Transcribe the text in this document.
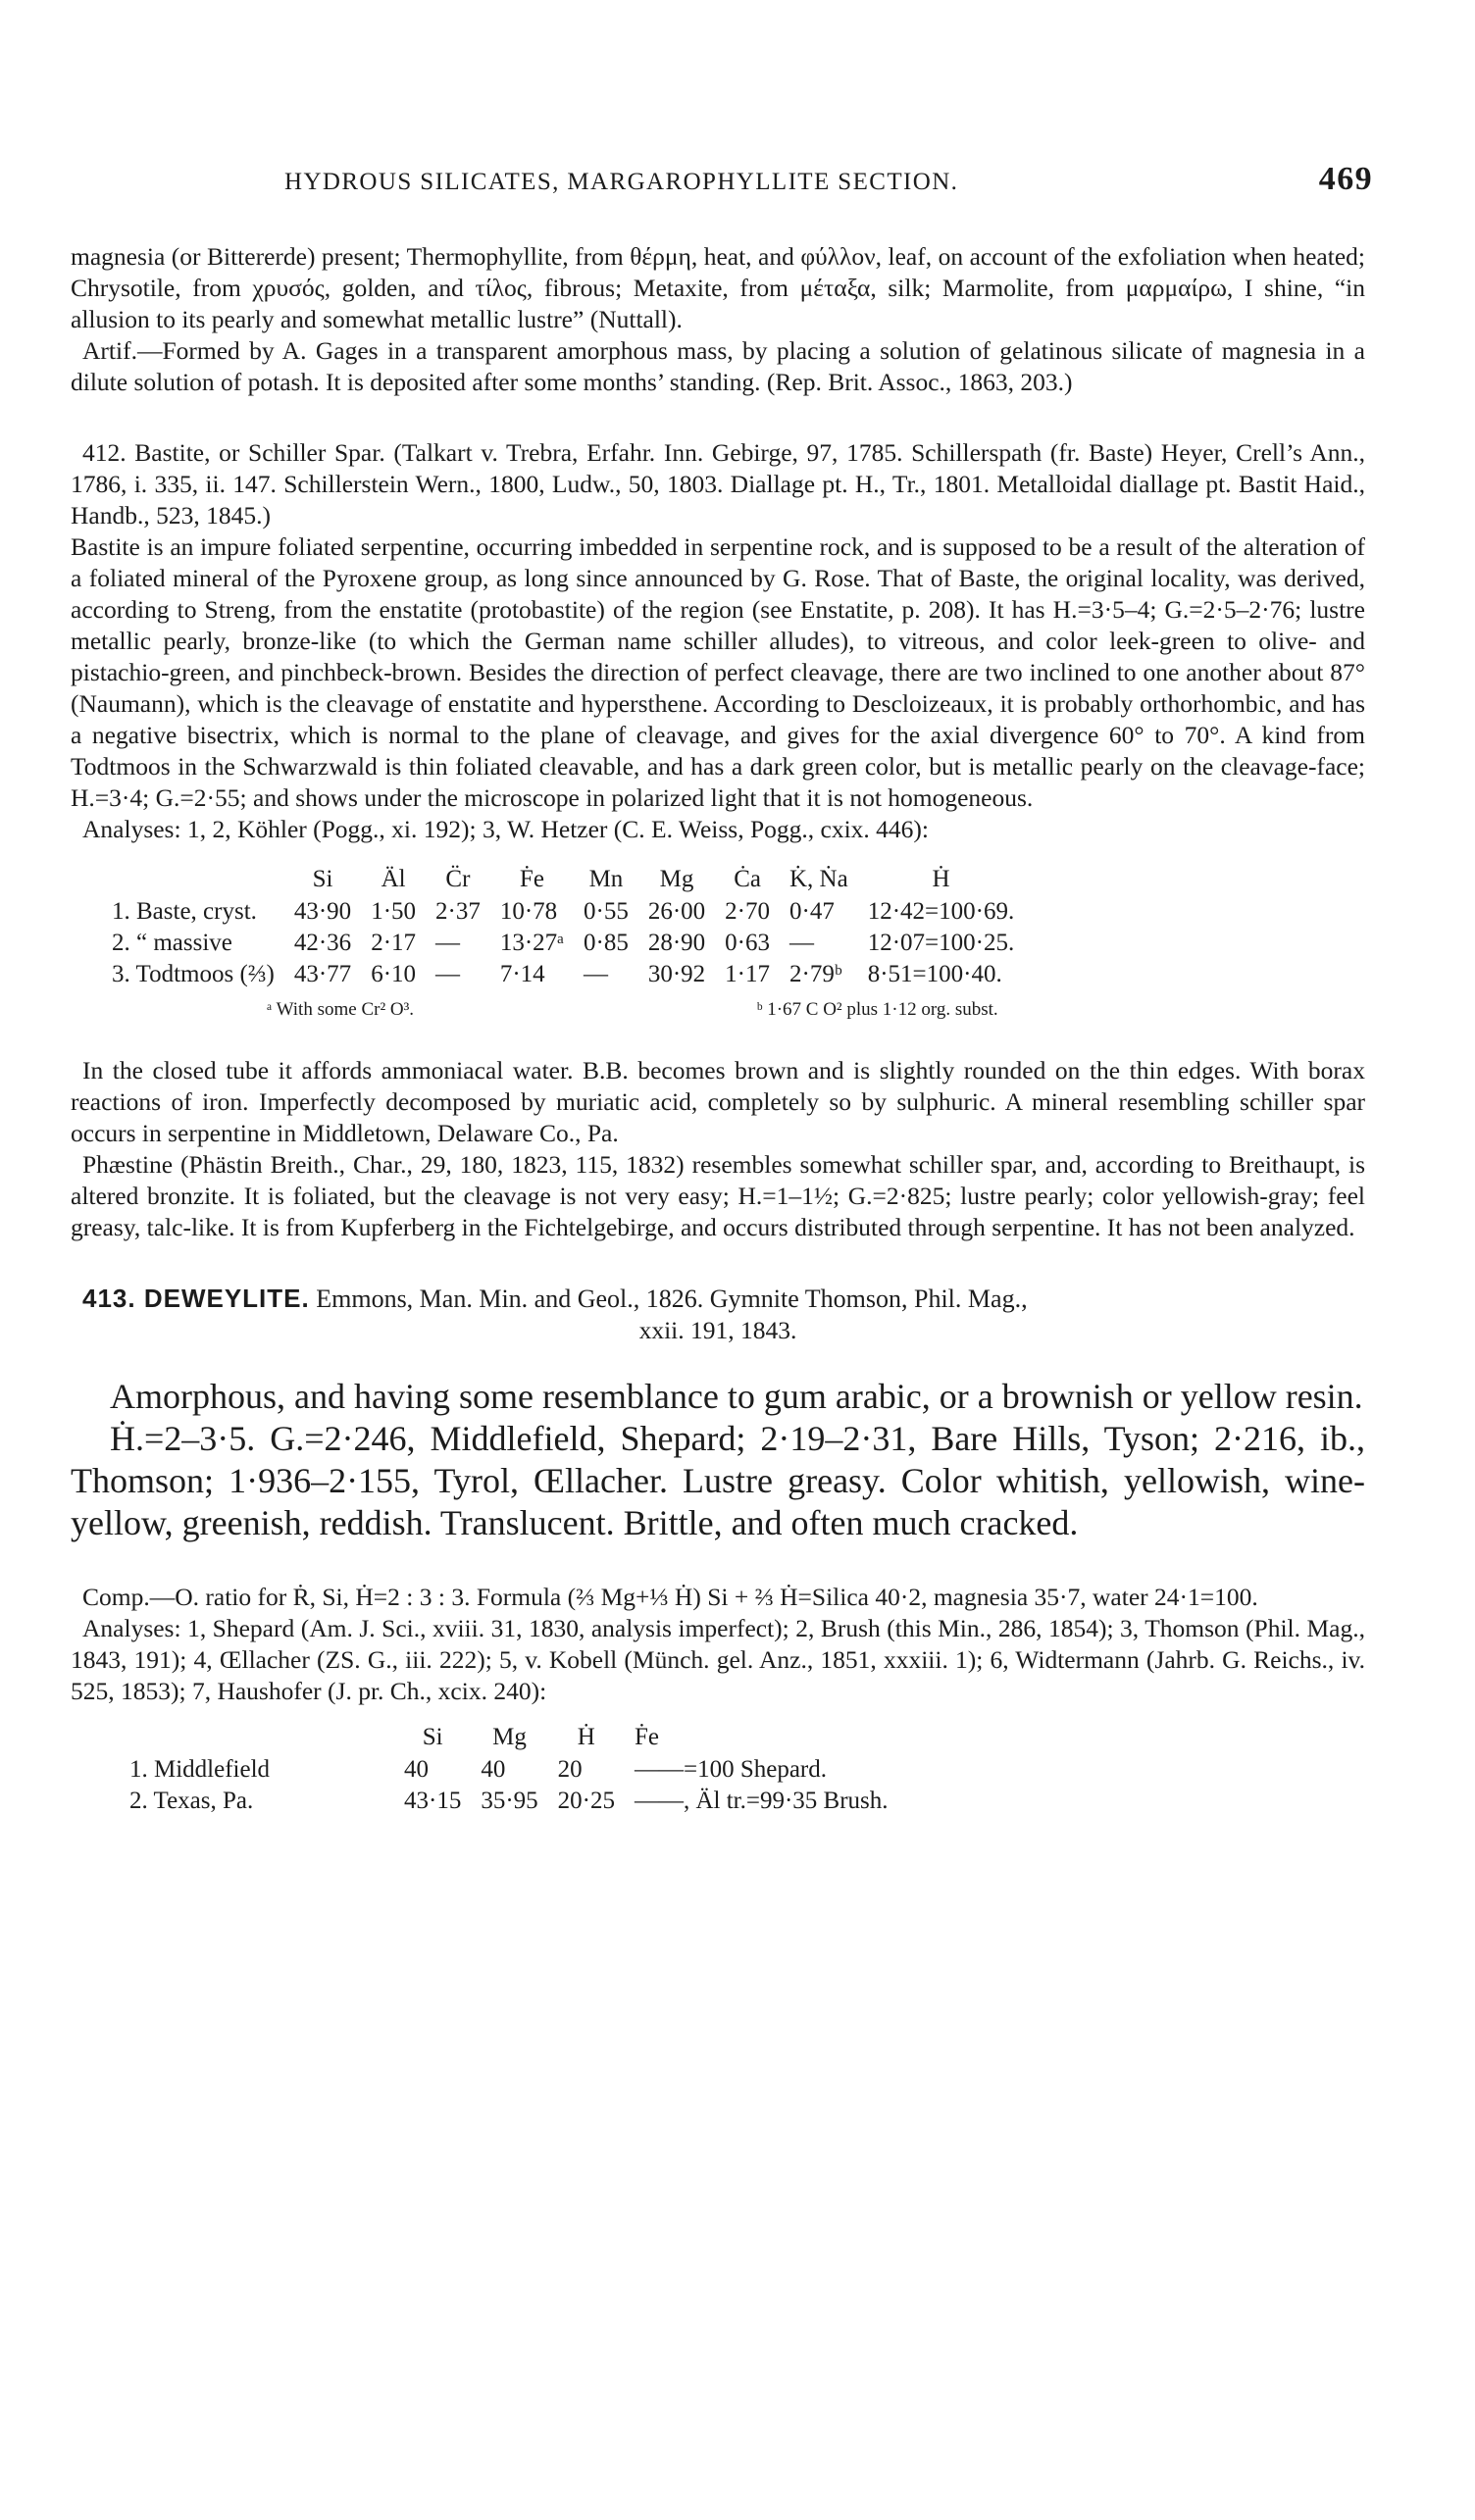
HYDROUS SILICATES, MARGAROPHYLLITE SECTION.	469

magnesia (or Bittererde) present; Thermophyllite, from θέρμη, heat, and φύλλον, leaf, on account of the exfoliation when heated; Chrysotile, from χρυσός, golden, and τίλος, fibrous; Metaxite, from μέταξα, silk; Marmolite, from μαρμαίρω, I shine, “in allusion to its pearly and somewhat metallic lustre” (Nuttall).

Artif.—Formed by A. Gages in a transparent amorphous mass, by placing a solution of gelatinous silicate of magnesia in a dilute solution of potash. It is deposited after some months’ standing. (Rep. Brit. Assoc., 1863, 203.)

412. Bastite, or Schiller Spar. (Talkart v. Trebra, Erfahr. Inn. Gebirge, 97, 1785. Schillerspath (fr. Baste) Heyer, Crell’s Ann., 1786, i. 335, ii. 147. Schillerstein Wern., 1800, Ludw., 50, 1803. Diallage pt. H., Tr., 1801. Metalloidal diallage pt. Bastit Haid., Handb., 523, 1845.)

Bastite is an impure foliated serpentine, occurring imbedded in serpentine rock, and is supposed to be a result of the alteration of a foliated mineral of the Pyroxene group, as long since announced by G. Rose. That of Baste, the original locality, was derived, according to Streng, from the enstatite (protobastite) of the region (see Enstatite, p. 208). It has H.=3·5–4; G.=2·5–2·76; lustre metallic pearly, bronze-like (to which the German name schiller alludes), to vitreous, and color leek-green to olive- and pistachio-green, and pinchbeck-brown. Besides the direction of perfect cleavage, there are two inclined to one another about 87° (Naumann), which is the cleavage of enstatite and hypersthene. According to Descloizeaux, it is probably orthorhombic, and has a negative bisectrix, which is normal to the plane of cleavage, and gives for the axial divergence 60° to 70°. A kind from Todtmoos in the Schwarzwald is thin foliated cleavable, and has a dark green color, but is metallic pearly on the cleavage-face; H.=3·4; G.=2·55; and shows under the microscope in polarized light that it is not homogeneous.

Analyses: 1, 2, Köhler (Pogg., xi. 192); 3, W. Hetzer (C. E. Weiss, Pogg., cxix. 446):

	Si	Äl	C̈r	Ḟe	Mn	Mg	Ċa	K̇, Ṅa	Ḣ
1. Baste, cryst.	43·90	1·50	2·37	10·78	0·55	26·00	2·70	0·47	12·42=100·69.
2. “ massive	42·36	2·17	—	13·27ᵃ	0·85	28·90	0·63	—	12·07=100·25.
3. Todtmoos (⅔)	43·77	6·10	—	7·14	—	30·92	1·17	2·79ᵇ	8·51=100·40.
ᵃ With some Cr² O³.	ᵇ 1·67 C O² plus 1·12 org. subst.

In the closed tube it affords ammoniacal water. B.B. becomes brown and is slightly rounded on the thin edges. With borax reactions of iron. Imperfectly decomposed by muriatic acid, completely so by sulphuric. A mineral resembling schiller spar occurs in serpentine in Middletown, Delaware Co., Pa.

Phæstine (Phästin Breith., Char., 29, 180, 1823, 115, 1832) resembles somewhat schiller spar, and, according to Breithaupt, is altered bronzite. It is foliated, but the cleavage is not very easy; H.=1–1½; G.=2·825; lustre pearly; color yellowish-gray; feel greasy, talc-like. It is from Kupferberg in the Fichtelgebirge, and occurs distributed through serpentine. It has not been analyzed.

413. DEWEYLITE. Emmons, Man. Min. and Geol., 1826. Gymnite Thomson, Phil. Mag.,

xxii. 191, 1843.

Amorphous, and having some resemblance to gum arabic, or a brownish or yellow resin.

Ḣ.=2–3·5. G.=2·246, Middlefield, Shepard; 2·19–2·31, Bare Hills, Tyson; 2·216, ib., Thomson; 1·936–2·155, Tyrol, Œllacher. Lustre greasy. Color whitish, yellowish, wine-yellow, greenish, reddish. Translucent. Brittle, and often much cracked.

Comp.—O. ratio for Ṙ, Si, Ḣ=2 : 3 : 3. Formula (⅔ Mg+⅓ Ḣ) Si + ⅔ Ḣ=Silica 40·2, magnesia 35·7, water 24·1=100.

Analyses: 1, Shepard (Am. J. Sci., xviii. 31, 1830, analysis imperfect); 2, Brush (this Min., 286, 1854); 3, Thomson (Phil. Mag., 1843, 191); 4, Œllacher (ZS. G., iii. 222); 5, v. Kobell (Münch. gel. Anz., 1851, xxxiii. 1); 6, Widtermann (Jahrb. G. Reichs., iv. 525, 1853); 7, Haushofer (J. pr. Ch., xcix. 240):

	Si	Mg	Ḣ	Ḟe
1. Middlefield	40	40	20	——=100 Shepard.
2. Texas, Pa.	43·15	35·95	20·25	——, Äl tr.=99·35 Brush.
